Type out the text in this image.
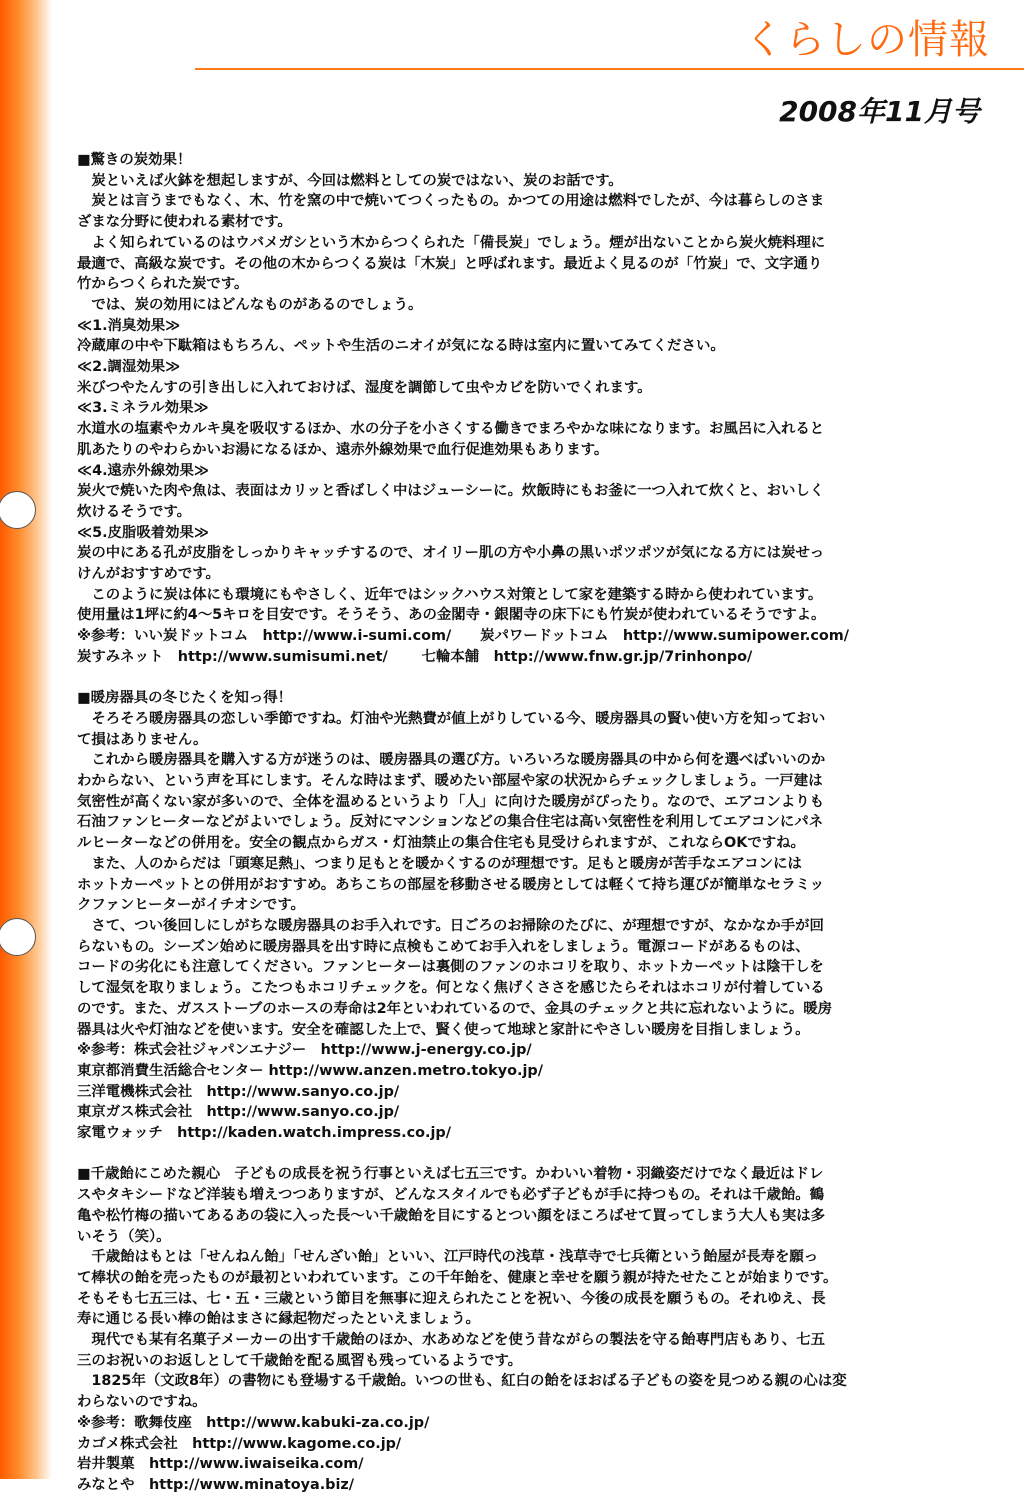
くらしの情報
2008年11月号

■驚きの炭効果！

炭といえば火鉢を想起しますが、今回は燃料としての炭ではない、炭のお話です。

炭とは言うまでもなく、木、竹を窯の中で焼いてつくったもの。かつての用途は燃料でしたが、今は暮らしのさま

ざまな分野に使われる素材です。

よく知られているのはウバメガシという木からつくられた「備長炭」でしょう。煙が出ないことから炭火焼料理に

最適で、高級な炭です。その他の木からつくる炭は「木炭」と呼ばれます。最近よく見るのが「竹炭」で、文字通り

竹からつくられた炭です。

では、炭の効用にはどんなものがあるのでしょう。

≪1.消臭効果≫

冷蔵庫の中や下駄箱はもちろん、ペットや生活のニオイが気になる時は室内に置いてみてください。

≪2.調湿効果≫

米びつやたんすの引き出しに入れておけば、湿度を調節して虫やカビを防いでくれます。

≪3.ミネラル効果≫

水道水の塩素やカルキ臭を吸収するほか、水の分子を小さくする働きでまろやかな味になります。お風呂に入れると

肌あたりのやわらかいお湯になるほか、遠赤外線効果で血行促進効果もあります。

≪4.遠赤外線効果≫

炭火で焼いた肉や魚は、表面はカリッと香ばしく中はジューシーに。炊飯時にもお釜に一つ入れて炊くと、おいしく

炊けるそうです。

≪5.皮脂吸着効果≫

炭の中にある孔が皮脂をしっかりキャッチするので、オイリー肌の方や小鼻の黒いポツポツが気になる方には炭せっ

けんがおすすめです。

このように炭は体にも環境にもやさしく、近年ではシックハウス対策として家を建築する時から使われています。

使用量は1坪に約4～5キロを目安です。そうそう、あの金閣寺・銀閣寺の床下にも竹炭が使われているそうですよ。

※参考：いい炭ドットコム　http://www.i-sumi.com/　　炭パワードットコム　http://www.sumipower.com/

炭すみネット　http://www.sumisumi.net/　　 七輪本舗　http://www.fnw.gr.jp/7rinhonpo/

■暖房器具の冬じたくを知っ得！

そろそろ暖房器具の恋しい季節ですね。灯油や光熱費が値上がりしている今、暖房器具の賢い使い方を知っておい

て損はありません。

これから暖房器具を購入する方が迷うのは、暖房器具の選び方。いろいろな暖房器具の中から何を選べばいいのか

わからない、という声を耳にします。そんな時はまず、暖めたい部屋や家の状況からチェックしましょう。一戸建は

気密性が高くない家が多いので、全体を温めるというより「人」に向けた暖房がぴったり。なので、エアコンよりも

石油ファンヒーターなどがよいでしょう。反対にマンションなどの集合住宅は高い気密性を利用してエアコンにパネ

ルヒーターなどの併用を。安全の観点からガス・灯油禁止の集合住宅も見受けられますが、これならOKですね。

また、人のからだは「頭寒足熱」、つまり足もとを暖かくするのが理想です。足もと暖房が苦手なエアコンには

ホットカーペットとの併用がおすすめ。あちこちの部屋を移動させる暖房としては軽くて持ち運びが簡単なセラミッ

クファンヒーターがイチオシです。

さて、つい後回しにしがちな暖房器具のお手入れです。日ごろのお掃除のたびに、が理想ですが、なかなか手が回

らないもの。シーズン始めに暖房器具を出す時に点検もこめてお手入れをしましょう。電源コードがあるものは、

コードの劣化にも注意してください。ファンヒーターは裏側のファンのホコリを取り、ホットカーペットは陰干しを

して湿気を取りましょう。こたつもホコリチェックを。何となく焦げくささを感じたらそれはホコリが付着している

のです。また、ガスストーブのホースの寿命は2年といわれているので、金具のチェックと共に忘れないように。暖房

器具は火や灯油などを使います。安全を確認した上で、賢く使って地球と家計にやさしい暖房を目指しましょう。

※参考：株式会社ジャパンエナジー　http://www.j-energy.co.jp/

東京都消費生活総合センター http://www.anzen.metro.tokyo.jp/

三洋電機株式会社　http://www.sanyo.co.jp/

東京ガス株式会社　http://www.sanyo.co.jp/

家電ウォッチ　http://kaden.watch.impress.co.jp/

■千歳飴にこめた親心　子どもの成長を祝う行事といえば七五三です。かわいい着物・羽織姿だけでなく最近はドレ

スやタキシードなど洋装も増えつつありますが、どんなスタイルでも必ず子どもが手に持つもの。それは千歳飴。鶴

亀や松竹梅の描いてあるあの袋に入った長～い千歳飴を目にするとつい顔をほころばせて買ってしまう大人も実は多

いそう（笑）。

千歳飴はもとは「せんねん飴」「せんざい飴」といい、江戸時代の浅草・浅草寺で七兵衛という飴屋が長寿を願っ

て棒状の飴を売ったものが最初といわれています。この千年飴を、健康と幸せを願う親が持たせたことが始まりです。

そもそも七五三は、七・五・三歳という節目を無事に迎えられたことを祝い、今後の成長を願うもの。それゆえ、長

寿に通じる長い棒の飴はまさに縁起物だったといえましょう。

現代でも某有名菓子メーカーの出す千歳飴のほか、水あめなどを使う昔ながらの製法を守る飴専門店もあり、七五

三のお祝いのお返しとして千歳飴を配る風習も残っているようです。

1825年（文政8年）の書物にも登場する千歳飴。いつの世も、紅白の飴をほおばる子どもの姿を見つめる親の心は変

わらないのですね。

※参考：歌舞伎座　http://www.kabuki-za.co.jp/

カゴメ株式会社　http://www.kagome.co.jp/

岩井製菓　http://www.iwaiseika.com/

みなとや　http://www.minatoya.biz/
